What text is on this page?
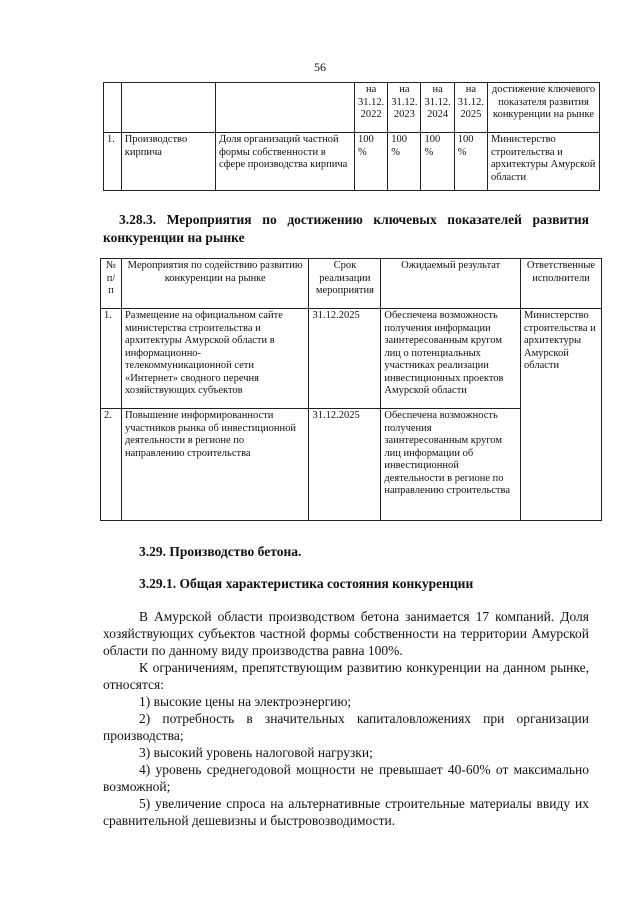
56
			на 31.12. 2022	на 31.12. 2023	на 31.12. 2024	на 31.12. 2025	достижение ключевого показателя развития конкуренции на рынке
1.	Производство кирпича	Доля организаций частной формы собственности в сфере производства кирпича	100 %	100 %	100 %	100 %	Министерство строительства и архитектуры Амурской области
3.28.3. Мероприятия по достижению ключевых показателей развития конкуренции на рынке
№ п/п	Мероприятия по содействию развитию конкуренции на рынке	Срок реализации мероприятия	Ожидаемый результат	Ответственные исполнители
1.	Размещение на официальном сайте министерства строительства и архитектуры Амурской области в информационно-телекоммуникационной сети «Интернет» сводного перечня хозяйствующих субъектов	31.12.2025	Обеспечена возможность получения информации заинтересованным кругом лиц о потенциальных участниках реализации инвестиционных проектов Амурской области	Министерство строительства и архитектуры Амурской области
2.	Повышение информированности участников рынка об инвестиционной деятельности в регионе по направлению строительства	31.12.2025	Обеспечена возможность получения заинтересованным кругом лиц информации об инвестиционной деятельности в регионе по направлению строительства	
3.29. Производство бетона.
3.29.1. Общая характеристика состояния конкуренции
В Амурской области производством бетона занимается 17 компаний. Доля хозяйствующих субъектов частной формы собственности на территории Амурской области по данному виду производства равна 100%.
К ограничениям, препятствующим развитию конкуренции на данном рынке, относятся:
1) высокие цены на электроэнергию;
2) потребность в значительных капиталовложениях при организации производства;
3) высокий уровень налоговой нагрузки;
4) уровень среднегодовой мощности не превышает 40-60% от максимально возможной;
5) увеличение спроса на альтернативные строительные материалы ввиду их сравнительной дешевизны и быстровозводимости.
